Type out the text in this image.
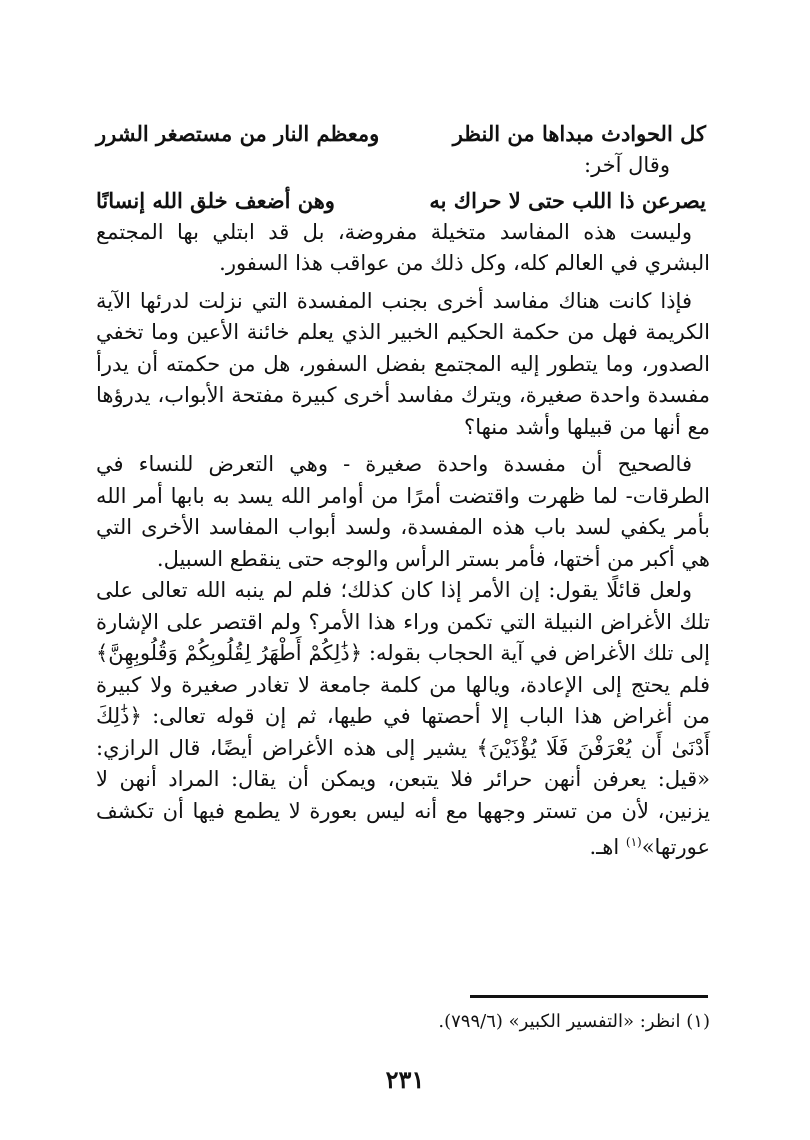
كل الحوادث مبداها من النظر
ومعظم النار من مستصغر الشرر
وقال آخر:
يصرعن ذا اللب حتى لا حراك به
وهن أضعف خلق الله إنسانًا

وليست هذه المفاسد متخيلة مفروضة، بل قد ابتلي بها المجتمع البشري في العالم كله، وكل ذلك من عواقب هذا السفور.

فإذا كانت هناك مفاسد أخرى بجنب المفسدة التي نزلت لدرئها الآية الكريمة فهل من حكمة الحكيم الخبير الذي يعلم خائنة الأعين وما تخفي الصدور، وما يتطور إليه المجتمع بفضل السفور، هل من حكمته أن يدرأ مفسدة واحدة صغيرة، ويترك مفاسد أخرى كبيرة مفتحة الأبواب، يدرؤها مع أنها من قبيلها وأشد منها؟

فالصحيح أن مفسدة واحدة صغيرة - وهي التعرض للنساء في الطرقات- لما ظهرت واقتضت أمرًا من أوامر الله يسد به بابها أمر الله بأمر يكفي لسد باب هذه المفسدة، ولسد أبواب المفاسد الأخرى التي هي أكبر من أختها، فأمر بستر الرأس والوجه حتى ينقطع السبيل.

ولعل قائلًا يقول: إن الأمر إذا كان كذلك؛ فلم لم ينبه الله تعالى على تلك الأغراض النبيلة التي تكمن وراء هذا الأمر؟ ولم اقتصر على الإشارة إلى تلك الأغراض في آية الحجاب بقوله: ﴿ذَٰلِكُمْ أَطْهَرُ لِقُلُوبِكُمْ وَقُلُوبِهِنَّ﴾ فلم يحتج إلى الإعادة، ويالها من كلمة جامعة لا تغادر صغيرة ولا كبيرة من أغراض هذا الباب إلا أحصتها في طيها، ثم إن قوله تعالى: ﴿ذَٰلِكَ أَدْنَىٰ أَن يُعْرَفْنَ فَلَا يُؤْذَيْنَ﴾ يشير إلى هذه الأغراض أيضًا، قال الرازي: «قيل: يعرفن أنهن حرائر فلا يتبعن، ويمكن أن يقال: المراد أنهن لا يزنين، لأن من تستر وجهها مع أنه ليس بعورة لا يطمع فيها أن تكشف عورتها»$^{(١)}$ اهـ.

(١) انظر: «التفسير الكبير» (٧٩٩/٦).
٢٣١
